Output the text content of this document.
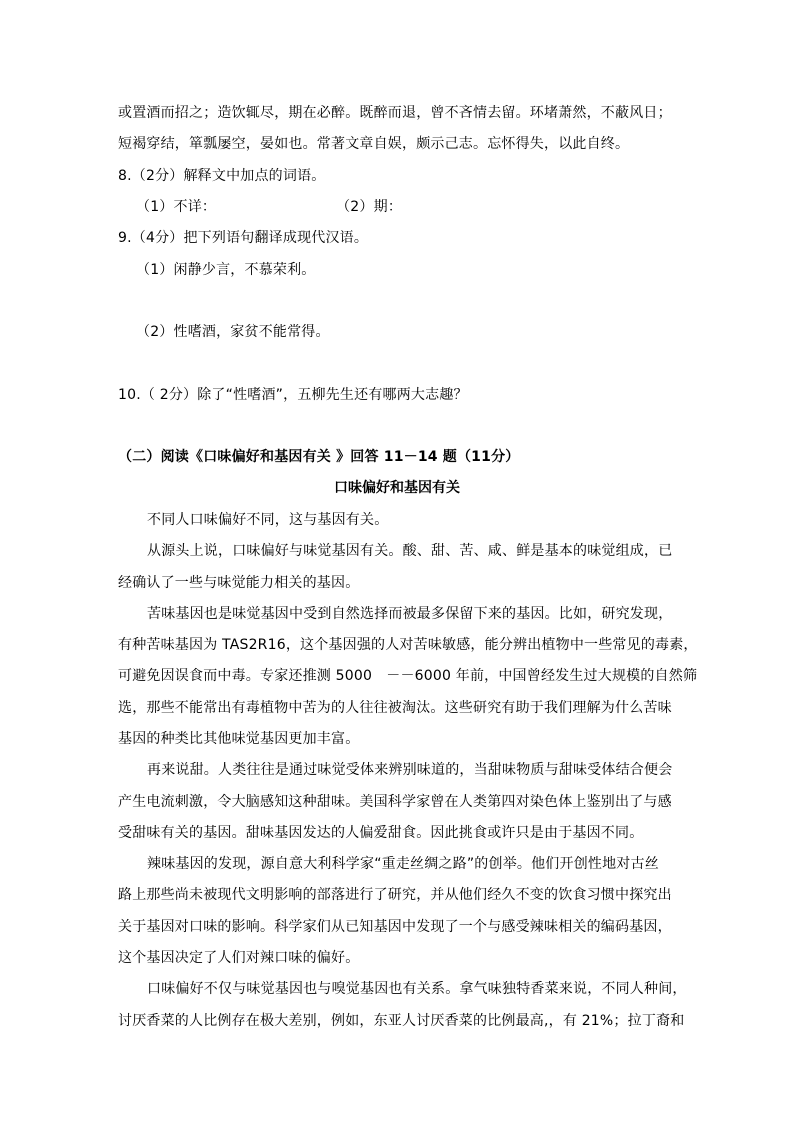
或置酒而招之；造饮辄尽，期在必醉。既醉而退，曾不吝情去留。环堵萧然，不蔽风日；
短褐穿结，箪瓢屡空，晏如也。常著文章自娱，颇示己志。忘怀得失，以此自终。
8.（2分）解释文中加点的词语。
（1）不详：	（2）期：
9.（4分）把下列语句翻译成现代汉语。
（1）闲静少言，不慕荣利。
（2）性嗜酒，家贫不能常得。
10.（ 2分）除了“性嗜酒”，五柳先生还有哪两大志趣？
（二）阅读《口味偏好和基因有关 》回答 11－14 题（11分）
口味偏好和基因有关
不同人口味偏好不同，这与基因有关。
从源头上说，口味偏好与味觉基因有关。酸、甜、苦、咸、鲜是基本的味觉组成，已
经确认了一些与味觉能力相关的基因。
苦味基因也是味觉基因中受到自然选择而被最多保留下来的基因。比如，研究发现，
有种苦味基因为 TAS2R16，这个基因强的人对苦味敏感，能分辨出植物中一些常见的毒素，
可避免因误食而中毒。专家还推测 5000　－－6000 年前，中国曾经发生过大规模的自然筛
选，那些不能常出有毒植物中苦为的人往往被淘汰。这些研究有助于我们理解为什么苦味
基因的种类比其他味觉基因更加丰富。
再来说甜。人类往往是通过味觉受体来辨别味道的，当甜味物质与甜味受体结合便会
产生电流刺激，令大脑感知这种甜味。美国科学家曾在人类第四对染色体上鉴别出了与感
受甜味有关的基因。甜味基因发达的人偏爱甜食。因此挑食或许只是由于基因不同。
辣味基因的发现，源自意大利科学家“重走丝绸之路”的创举。他们开创性地对古丝
路上那些尚未被现代文明影响的部落进行了研究，并从他们经久不变的饮食习惯中探究出
关于基因对口味的影响。科学家们从已知基因中发现了一个与感受辣味相关的编码基因，
这个基因决定了人们对辣口味的偏好。
口味偏好不仅与味觉基因也与嗅觉基因也有关系。拿气味独特香菜来说，不同人种间，
讨厌香菜的人比例存在极大差别，例如，东亚人讨厌香菜的比例最高,，有 21%；拉丁裔和
